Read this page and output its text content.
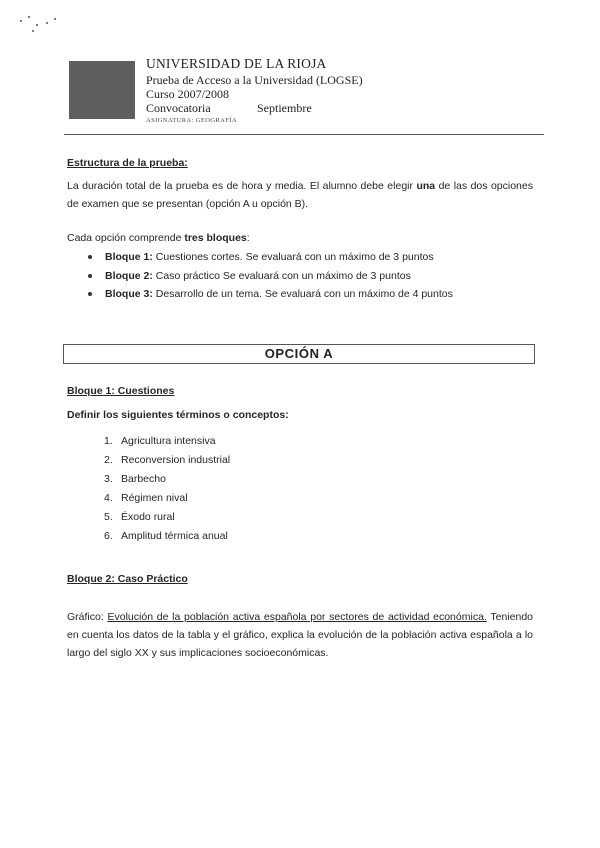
UNIVERSIDAD DE LA RIOJA
Prueba de Acceso a la Universidad (LOGSE)
Curso 2007/2008
Convocatoria	Septiembre
ASIGNATURA: GEOGRAFÍA
Estructura de la prueba:
La duración total de la prueba es de hora y media. El alumno debe elegir una de las dos opciones de examen que se presentan (opción A u opción B).
Cada opción comprende tres bloques:
Bloque 1: Cuestiones cortes. Se evaluará con un máximo de 3 puntos
Bloque 2: Caso práctico Se evaluará con un máximo de 3 puntos
Bloque 3: Desarrollo de un tema. Se evaluará con un máximo de 4 puntos
OPCIÓN A
Bloque 1: Cuestiones
Definir los siguientes términos o conceptos:
1. Agricultura intensiva
2. Reconversion industrial
3. Barbecho
4. Régimen nival
5. Éxodo rural
6. Amplitud térmica anual
Bloque 2: Caso Práctico
Gráfico: Evolución de la población activa española por sectores de actividad económica. Teniendo en cuenta los datos de la tabla y el gráfico, explica la evolución de la población activa española a lo largo del siglo XX y sus implicaciones socioeconómicas.
